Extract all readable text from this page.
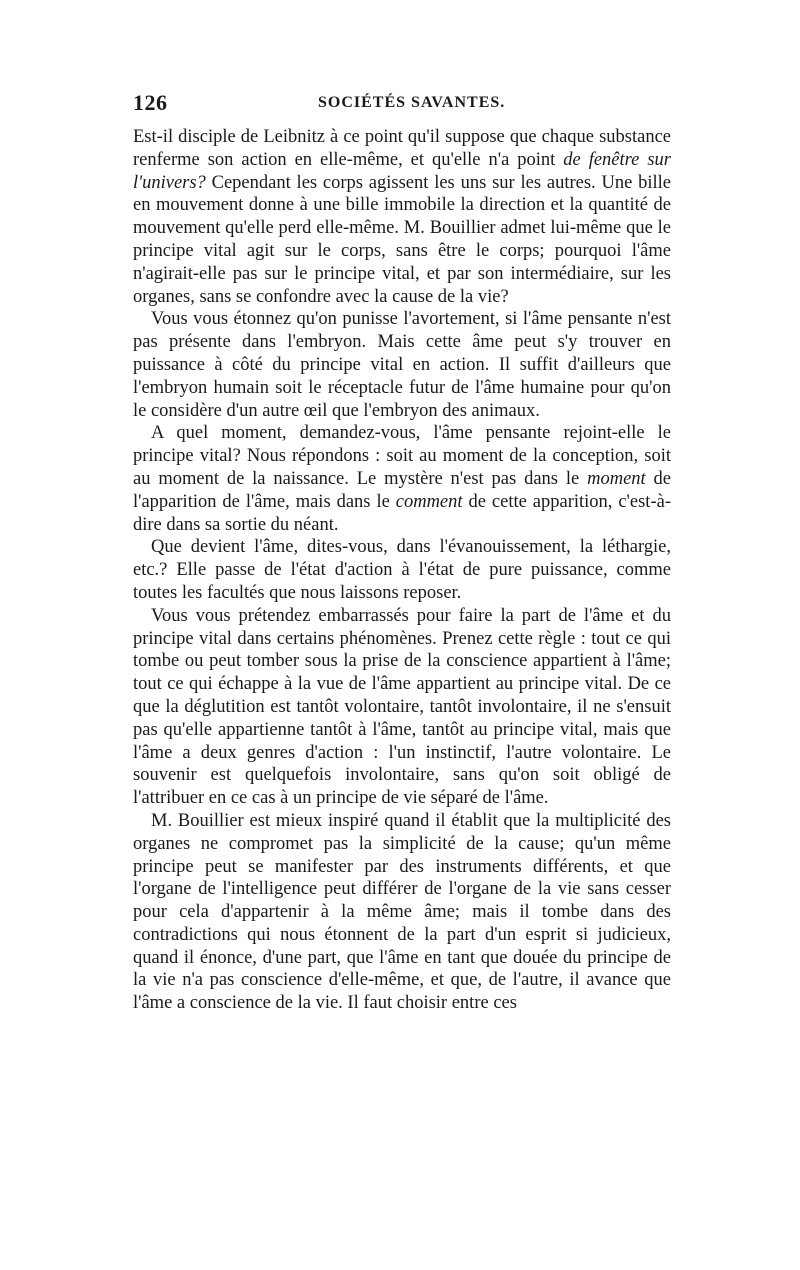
126	SOCIÉTÉS SAVANTES.

Est-il disciple de Leibnitz à ce point qu'il suppose que chaque substance renferme son action en elle-même, et qu'elle n'a point de fenêtre sur l'univers? Cependant les corps agissent les uns sur les autres. Une bille en mouvement donne à une bille immobile la direction et la quantité de mouvement qu'elle perd elle-même. M. Bouillier admet lui-même que le principe vital agit sur le corps, sans être le corps; pourquoi l'âme n'agirait-elle pas sur le principe vital, et par son intermédiaire, sur les organes, sans se confondre avec la cause de la vie?

Vous vous étonnez qu'on punisse l'avortement, si l'âme pensante n'est pas présente dans l'embryon. Mais cette âme peut s'y trouver en puissance à côté du principe vital en action. Il suffit d'ailleurs que l'embryon humain soit le réceptacle futur de l'âme humaine pour qu'on le considère d'un autre œil que l'embryon des animaux.

A quel moment, demandez-vous, l'âme pensante rejoint-elle le principe vital? Nous répondons : soit au moment de la conception, soit au moment de la naissance. Le mystère n'est pas dans le moment de l'apparition de l'âme, mais dans le comment de cette apparition, c'est-à-dire dans sa sortie du néant.

Que devient l'âme, dites-vous, dans l'évanouissement, la léthargie, etc.? Elle passe de l'état d'action à l'état de pure puissance, comme toutes les facultés que nous laissons reposer.

Vous vous prétendez embarrassés pour faire la part de l'âme et du principe vital dans certains phénomènes. Prenez cette règle : tout ce qui tombe ou peut tomber sous la prise de la conscience appartient à l'âme; tout ce qui échappe à la vue de l'âme appartient au principe vital. De ce que la déglutition est tantôt volontaire, tantôt involontaire, il ne s'ensuit pas qu'elle appartienne tantôt à l'âme, tantôt au principe vital, mais que l'âme a deux genres d'action : l'un instinctif, l'autre volontaire. Le souvenir est quelquefois involontaire, sans qu'on soit obligé de l'attribuer en ce cas à un principe de vie séparé de l'âme.

M. Bouillier est mieux inspiré quand il établit que la multiplicité des organes ne compromet pas la simplicité de la cause; qu'un même principe peut se manifester par des instruments différents, et que l'organe de l'intelligence peut différer de l'organe de la vie sans cesser pour cela d'appartenir à la même âme; mais il tombe dans des contradictions qui nous étonnent de la part d'un esprit si judicieux, quand il énonce, d'une part, que l'âme en tant que douée du principe de la vie n'a pas conscience d'elle-même, et que, de l'autre, il avance que l'âme a conscience de la vie. Il faut choisir entre ces
